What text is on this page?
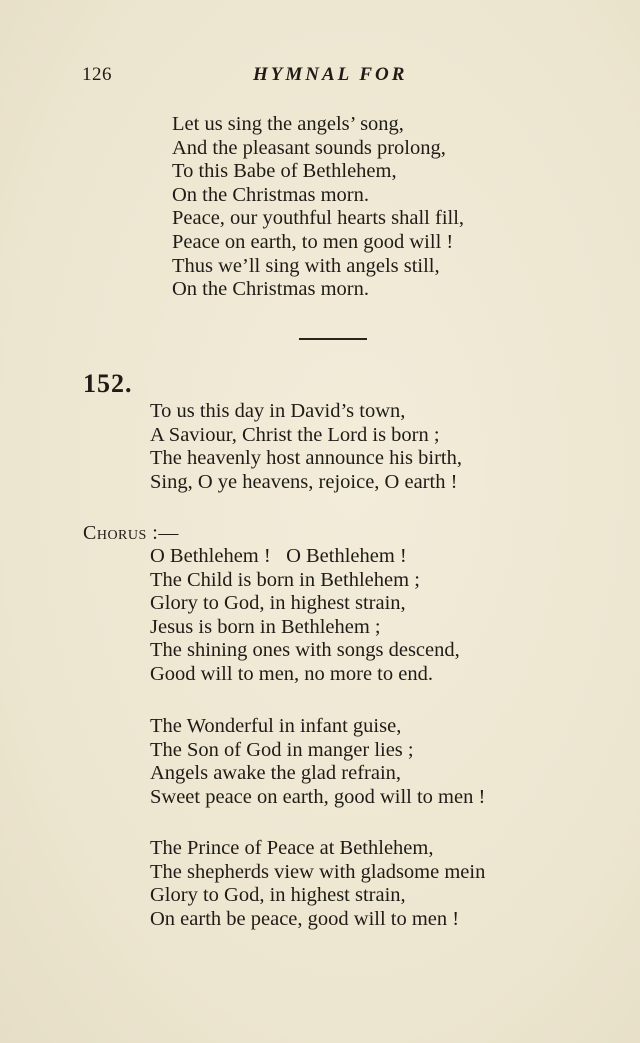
126	HYMNAL FOR
Let us sing the angels’ song,
And the pleasant sounds prolong,
To this Babe of Bethlehem,
On the Christmas morn.
Peace, our youthful hearts shall fill,
Peace on earth, to men good will !
Thus we’ll sing with angels still,
On the Christmas morn.
152.
To us this day in David’s town,
A Saviour, Christ the Lord is born ;
The heavenly host announce his birth,
Sing, O ye heavens, rejoice, O earth !
Chorus :—
O Bethlehem !   O Bethlehem !
The Child is born in Bethlehem ;
Glory to God, in highest strain,
Jesus is born in Bethlehem ;
The shining ones with songs descend,
Good will to men, no more to end.
The Wonderful in infant guise,
The Son of God in manger lies ;
Angels awake the glad refrain,
Sweet peace on earth, good will to men !
The Prince of Peace at Bethlehem,
The shepherds view with gladsome mein
Glory to God, in highest strain,
On earth be peace, good will to men !
